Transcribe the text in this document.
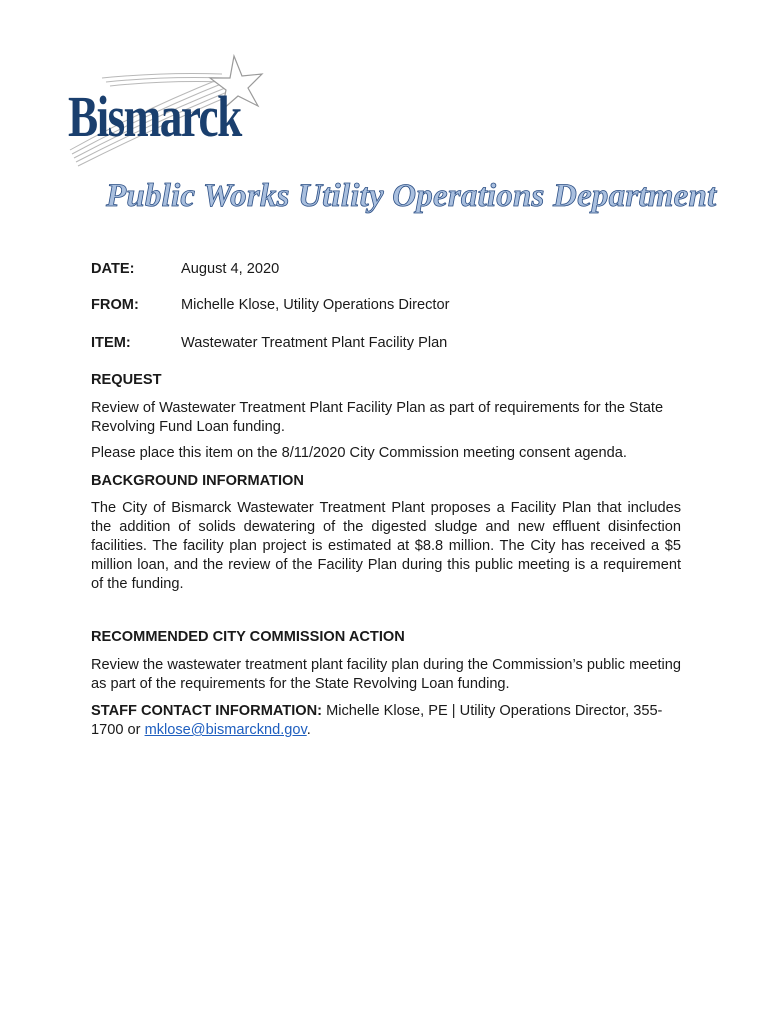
Bismarck
Public Works Utility Operations Department
DATE:	August 4, 2020
FROM:	Michelle Klose, Utility Operations Director
ITEM:	Wastewater Treatment Plant Facility Plan
REQUEST
Review of Wastewater Treatment Plant Facility Plan as part of requirements for the State Revolving Fund Loan funding.
Please place this item on the 8/11/2020 City Commission meeting consent agenda.
BACKGROUND INFORMATION
The City of Bismarck Wastewater Treatment Plant proposes a Facility Plan that includes the addition of solids dewatering of the digested sludge and new effluent disinfection facilities. The facility plan project is estimated at $8.8 million. The City has received a $5 million loan, and the review of the Facility Plan during this public meeting is a requirement of the funding.
RECOMMENDED CITY COMMISSION ACTION
Review the wastewater treatment plant facility plan during the Commission’s public meeting as part of the requirements for the State Revolving Loan funding.
STAFF CONTACT INFORMATION: Michelle Klose, PE | Utility Operations Director, 355-1700 or mklose@bismarcknd.gov.
